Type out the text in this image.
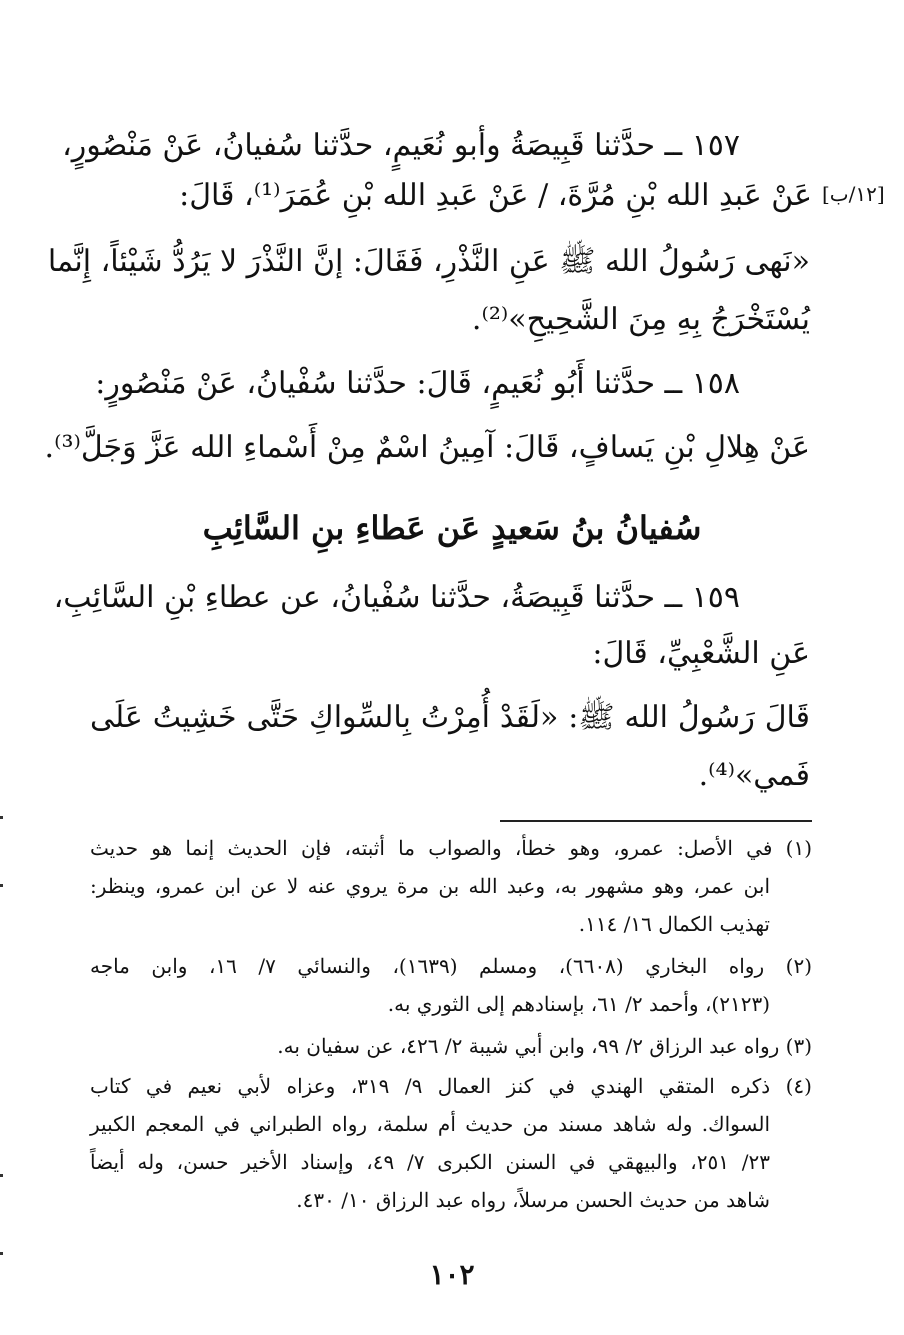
١٥٧ ــ حدَّثنا قَبِيصَةُ وأبو نُعَيمٍ، حدَّثنا سُفيانُ، عَنْ مَنْصُورٍ،
[١٢/ب]
عَنْ عَبدِ الله بْنِ مُرَّةَ، / عَنْ عَبدِ الله بْنِ عُمَرَ⁽¹⁾، قَالَ:
«نَهى رَسُولُ الله ﷺ عَنِ النَّذْرِ، فَقَالَ: إنَّ النَّذْرَ لا يَرُدُّ شَيْئاً، إِنَّما
يُسْتَخْرَجُ بِهِ مِنَ الشَّحِيحِ»⁽²⁾.
١٥٨ ــ حدَّثنا أَبُو نُعَيمٍ، قَالَ: حدَّثنا سُفْيانُ، عَنْ مَنْصُورٍ:
عَنْ هِلالِ بْنِ يَسافٍ، قَالَ: آمِينُ اسْمٌ مِنْ أَسْماءِ الله عَزَّ وَجَلَّ⁽³⁾.
سُفيانُ بنُ سَعيدٍ عَن عَطاءِ بنِ السَّائِبِ
١٥٩ ــ حدَّثنا قَبِيصَةُ، حدَّثنا سُفْيانُ، عن عطاءِ بْنِ السَّائِبِ،
عَنِ الشَّعْبِيِّ، قَالَ:
قَالَ رَسُولُ الله ﷺ: «لَقَدْ أُمِرْتُ بِالسِّواكِ حَتَّى خَشِيتُ عَلَى
فَمي»⁽⁴⁾.
(١) في الأصل: عمرو، وهو خطأ، والصواب ما أثبته، فإن الحديث إنما هو حديث
ابن عمر، وهو مشهور به، وعبد الله بن مرة يروي عنه لا عن ابن عمرو، وينظر:
تهذيب الكمال ١٦/ ١١٤.
(٢) رواه البخاري (٦٦٠٨)، ومسلم (١٦٣٩)، والنسائي ٧/ ١٦، وابن ماجه
(٢١٢٣)، وأحمد ٢/ ٦١، بإسنادهم إلى الثوري به.
(٣) رواه عبد الرزاق ٢/ ٩٩، وابن أبي شيبة ٢/ ٤٢٦، عن سفيان به.
(٤) ذكره المتقي الهندي في كنز العمال ٩/ ٣١٩، وعزاه لأبي نعيم في كتاب
السواك. وله شاهد مسند من حديث أم سلمة، رواه الطبراني في المعجم الكبير
٢٣/ ٢٥١، والبيهقي في السنن الكبرى ٧/ ٤٩، وإسناد الأخير حسن، وله أيضاً
شاهد من حديث الحسن مرسلاً، رواه عبد الرزاق ١٠/ ٤٣٠.
١٠٢
